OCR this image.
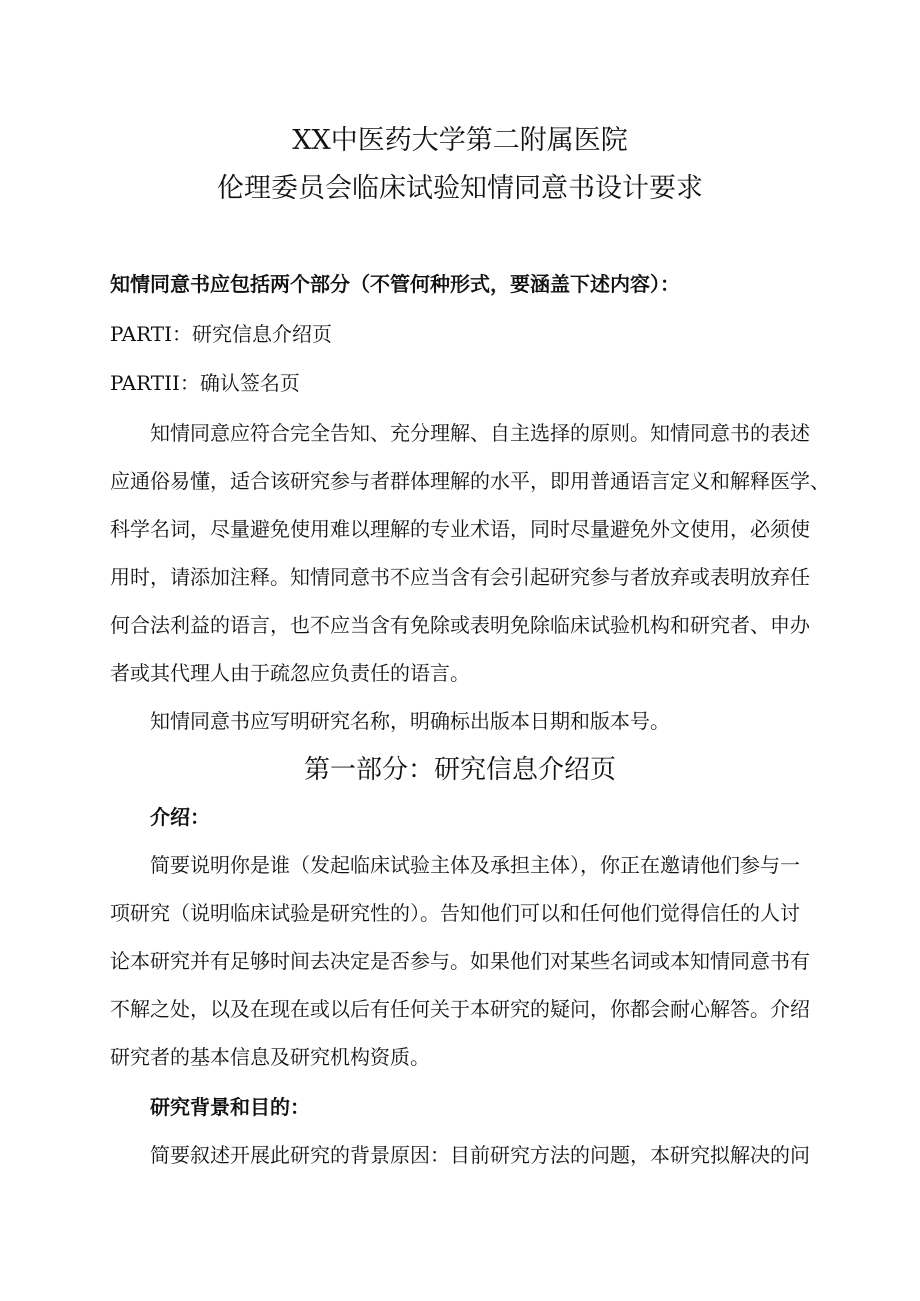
XX中医药大学第二附属医院
伦理委员会临床试验知情同意书设计要求
知情同意书应包括两个部分（不管何种形式，要涵盖下述内容）：
PARTI：研究信息介绍页
PARTII：确认签名页
知情同意应符合完全告知、充分理解、自主选择的原则。知情同意书的表述
应通俗易懂，适合该研究参与者群体理解的水平，即用普通语言定义和解释医学、
科学名词，尽量避免使用难以理解的专业术语，同时尽量避免外文使用，必须使
用时，请添加注释。知情同意书不应当含有会引起研究参与者放弃或表明放弃任
何合法利益的语言，也不应当含有免除或表明免除临床试验机构和研究者、申办
者或其代理人由于疏忽应负责任的语言。
知情同意书应写明研究名称，明确标出版本日期和版本号。
第一部分：研究信息介绍页
介绍：
简要说明你是谁（发起临床试验主体及承担主体），你正在邀请他们参与一
项研究（说明临床试验是研究性的）。告知他们可以和任何他们觉得信任的人讨
论本研究并有足够时间去决定是否参与。如果他们对某些名词或本知情同意书有
不解之处，以及在现在或以后有任何关于本研究的疑问，你都会耐心解答。介绍
研究者的基本信息及研究机构资质。
研究背景和目的：
简要叙述开展此研究的背景原因：目前研究方法的问题，本研究拟解决的问
